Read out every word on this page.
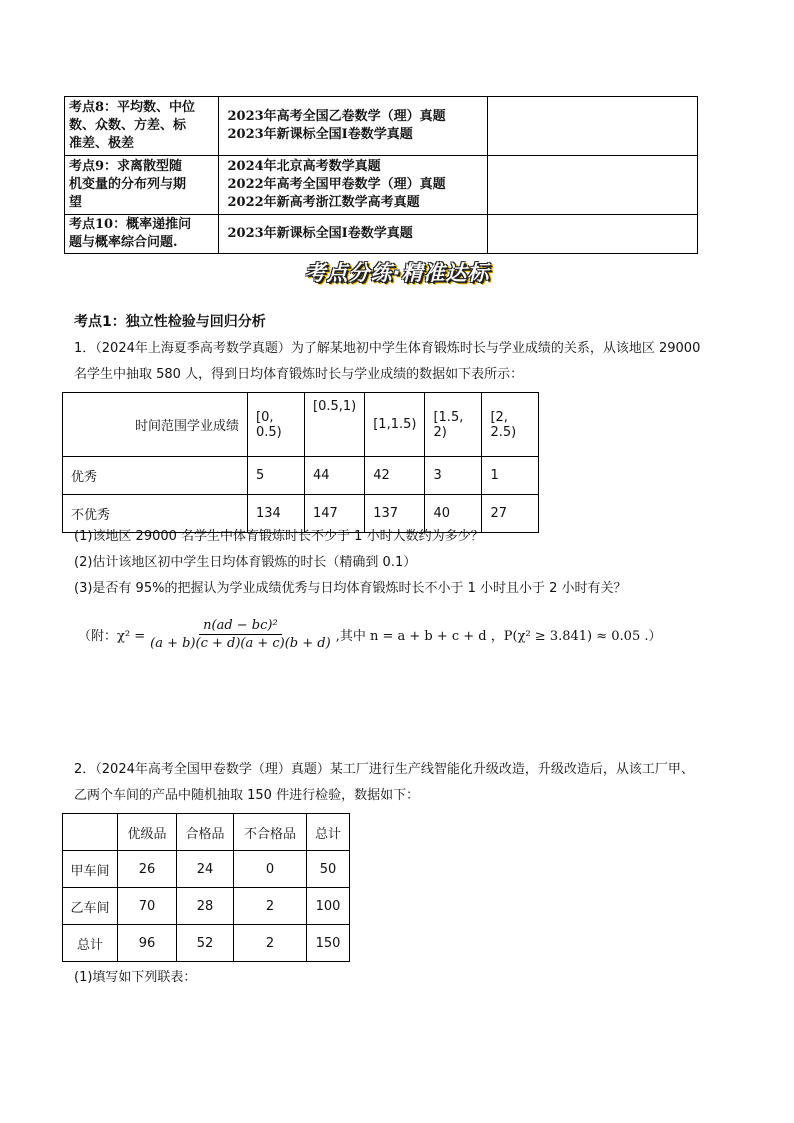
考点8：平均数、中位
数、众数、方差、标
准差、极差	2023年高考全国乙卷数学（理）真题
2023年新课标全国Ⅰ卷数学真题	

考点9：求离散型随
机变量的分布列与期
望	2024年北京高考数学真题
2022年高考全国甲卷数学（理）真题
2022年新高考浙江数学高考真题	

考点10：概率递推问
题与概率综合问题.	2023年新课标全国Ⅰ卷数学真题	

考点分练·精准达标
考点1：独立性检验与回归分析
1．（2024年上海夏季高考数学真题）为了解某地初中学生体育锻炼时长与学业成绩的关系，从该地区 29000
名学生中抽取 580 人，得到日均体育锻炼时长与学业成绩的数据如下表所示：
时间范围学业成绩	[0, 0.5)	[0.5,1)	[1,1.5)	[1.5, 2)	[2, 2.5)
优秀	5	44	42	3	1
不优秀	134	147	137	40	27
(1)该地区 29000 名学生中体育锻炼时长不少于 1 小时人数约为多少？
(2)估计该地区初中学生日均体育锻炼的时长（精确到 0.1）
(3)是否有 95%的把握认为学业成绩优秀与日均体育锻炼时长不小于 1 小时且小于 2 小时有关？
（附：$\chi^2 = \frac{\text{n(ad − bc)²}}{(a + b)(c + d)(a + c)(b + d)}$ ,其中 n = a + b + c + d ，P(χ² ≥ 3.841) ≈ 0.05 .）
2．（2024年高考全国甲卷数学（理）真题）某工厂进行生产线智能化升级改造，升级改造后，从该工厂甲、
乙两个车间的产品中随机抽取 150 件进行检验，数据如下：
	优级品	合格品	不合格品	总计
甲车间	26	24	0	50
乙车间	70	28	2	100
总计	96	52	2	150
(1)填写如下列联表：
